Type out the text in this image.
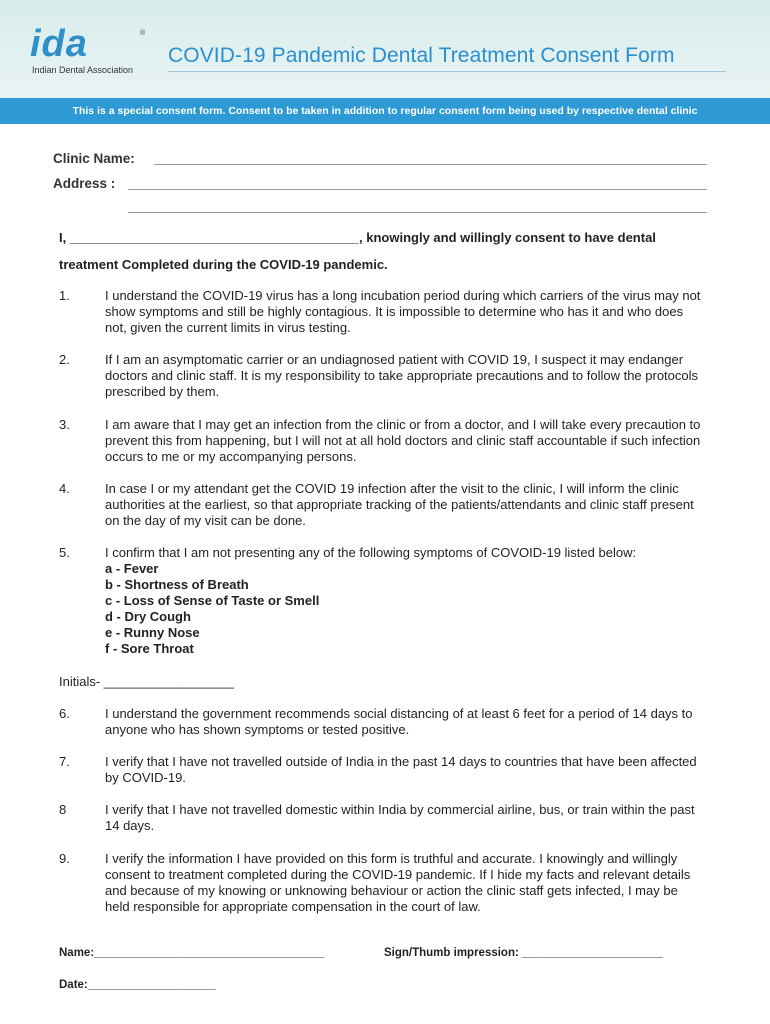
ida	®
Indian Dental Association
COVID-19 Pandemic Dental Treatment Consent Form
This is a special consent form. Consent to be taken in addition to regular consent form being used by respective dental clinic
Clinic Name:
Address :
I, ________________________________________, knowingly and willingly consent to have dental
treatment Completed during the COVID-19 pandemic.
1.	I understand the COVID-19 virus has a long incubation period during which carriers of the virus may not show symptoms and still be highly contagious. It is impossible to determine who has it and who does not, given the current limits in virus testing.
2.	If I am an asymptomatic carrier or an undiagnosed patient with COVID 19, I suspect it may endanger doctors and clinic staff. It is my responsibility to take appropriate precautions and to follow the protocols prescribed by them.
3.	I am aware that I may get an infection from the clinic or from a doctor, and I will take every precaution to prevent this from happening, but I will not at all hold doctors and clinic staff accountable if such infection occurs to me or my accompanying persons.
4.	In case I or my attendant get the COVID 19 infection after the visit to the clinic, I will inform the clinic authorities at the earliest, so that appropriate tracking of the patients/attendants and clinic staff present on the day of my visit can be done.
5.	I confirm that I am not presenting any of the following symptoms of COVOID-19 listed below:
a - Fever
b - Shortness of Breath
c - Loss of Sense of Taste or Smell
d - Dry Cough
e - Runny Nose
f - Sore Throat
Initials- __________________
6.	I understand the government recommends social distancing of at least 6 feet for a period of 14 days to anyone who has shown symptoms or tested positive.
7.	I verify that I have not travelled outside of India in the past 14 days to countries that have been affected by COVID-19.
8	I verify that I have not travelled domestic within India by commercial airline, bus, or train within the past 14 days.
9.	I verify the information I have provided on this form is truthful and accurate. I knowingly and willingly consent to treatment completed during the COVID-19 pandemic. If I hide my facts and relevant details and because of my knowing or unknowing behaviour or action the clinic staff gets infected, I may be held responsible for appropriate compensation in the court of law.
Name:____________________________________	Sign/Thumb impression: ______________________
Date:____________________
